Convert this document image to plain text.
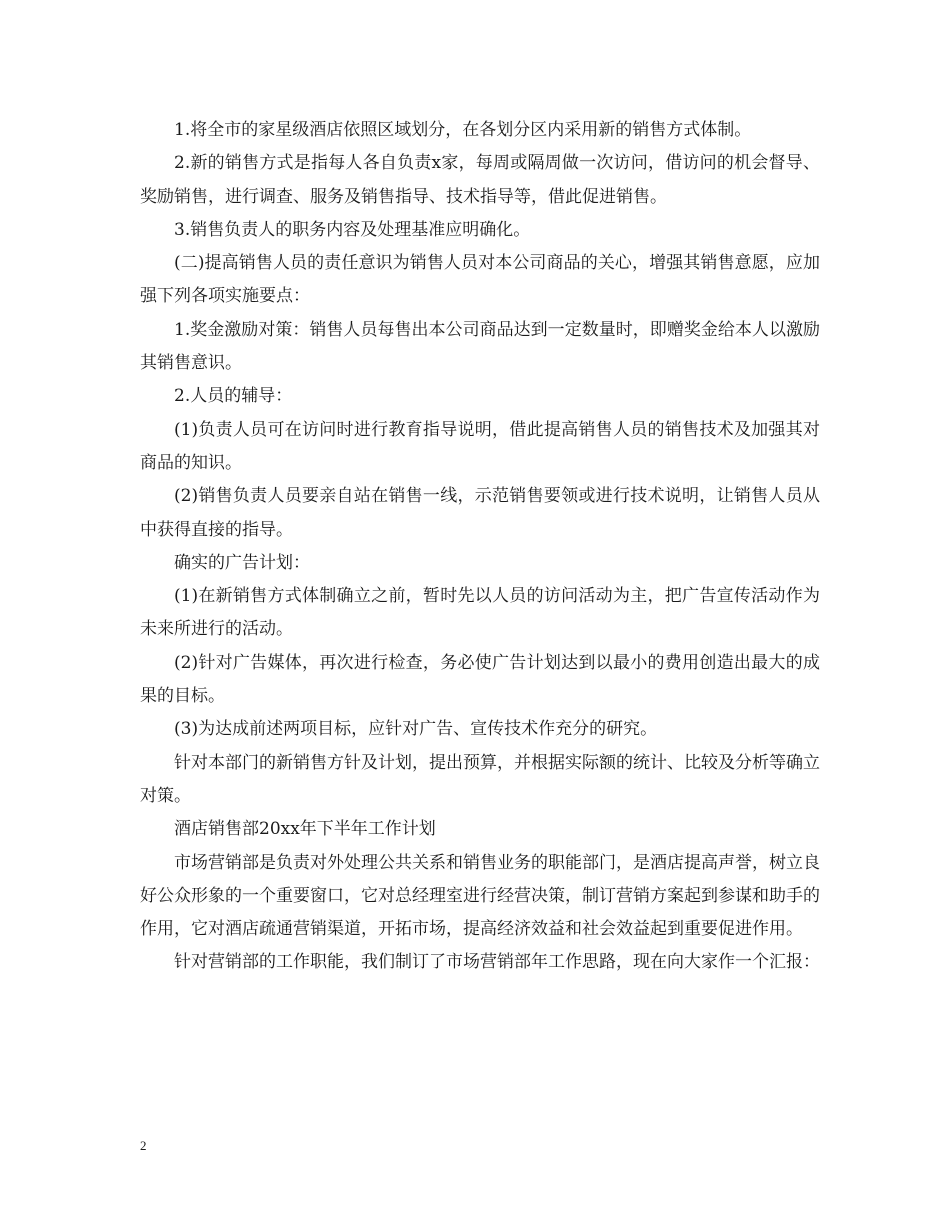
1.将全市的家星级酒店依照区域划分，在各划分区内采用新的销售方式体制。

2.新的销售方式是指每人各自负责x家，每周或隔周做一次访问，借访问的机会督导、奖励销售，进行调查、服务及销售指导、技术指导等，借此促进销售。

3.销售负责人的职务内容及处理基准应明确化。

(二)提高销售人员的责任意识为销售人员对本公司商品的关心，增强其销售意愿，应加强下列各项实施要点：

1.奖金激励对策：销售人员每售出本公司商品达到一定数量时，即赠奖金给本人以激励其销售意识。

2.人员的辅导：

(1)负责人员可在访问时进行教育指导说明，借此提高销售人员的销售技术及加强其对商品的知识。

(2)销售负责人员要亲自站在销售一线，示范销售要领或进行技术说明，让销售人员从中获得直接的指导。

确实的广告计划：

(1)在新销售方式体制确立之前，暂时先以人员的访问活动为主，把广告宣传活动作为未来所进行的活动。

(2)针对广告媒体，再次进行检查，务必使广告计划达到以最小的费用创造出最大的成果的目标。

(3)为达成前述两项目标，应针对广告、宣传技术作充分的研究。

针对本部门的新销售方针及计划，提出预算，并根据实际额的统计、比较及分析等确立对策。

酒店销售部20xx年下半年工作计划

市场营销部是负责对外处理公共关系和销售业务的职能部门，是酒店提高声誉，树立良好公众形象的一个重要窗口，它对总经理室进行经营决策，制订营销方案起到参谋和助手的作用，它对酒店疏通营销渠道，开拓市场，提高经济效益和社会效益起到重要促进作用。

针对营销部的工作职能，我们制订了市场营销部年工作思路，现在向大家作一个汇报：

2
